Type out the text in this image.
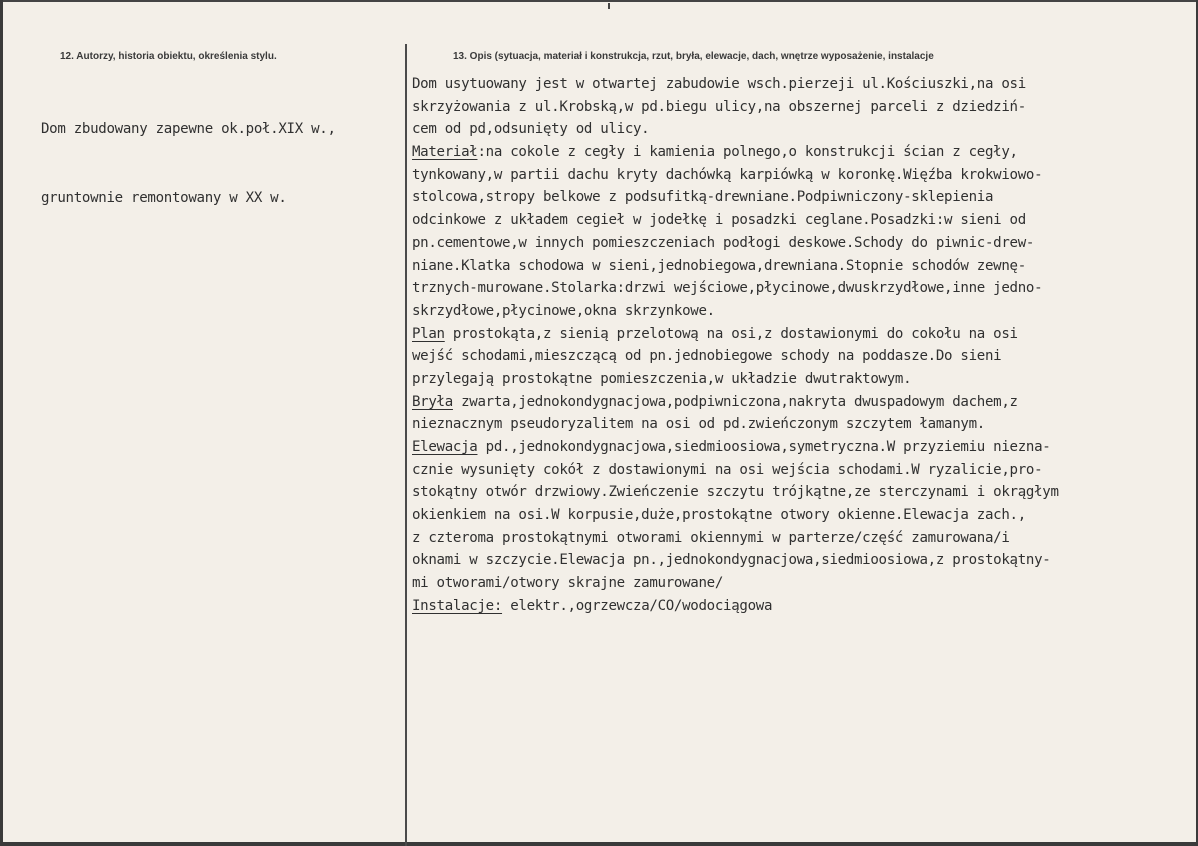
12. Autorzy, historia obiektu, określenia stylu.	13. Opis (sytuacja, materiał i konstrukcja, rzut, bryła, elewacje, dach, wnętrze wyposażenie, instalacje

Dom zbudowany zapewne ok.poł.XIX w.,

gruntownie remontowany w XX w.

Dom usytuowany jest w otwartej zabudowie wsch.pierzeji ul.Kościuszki,na osi

skrzyżowania z ul.Krobską,w pd.biegu ulicy,na obszernej parceli z dziedziń-

cem od pd,odsunięty od ulicy.

Materiał:na cokole z cegły i kamienia polnego,o konstrukcji ścian z cegły,

tynkowany,w partii dachu kryty dachówką karpiówką w koronkę.Więźba krokwiowo-

stolcowa,stropy belkowe z podsufitką-drewniane.Podpiwniczony-sklepienia

odcinkowe z układem cegieł w jodełkę i posadzki ceglane.Posadzki:w sieni od

pn.cementowe,w innych pomieszczeniach podłogi deskowe.Schody do piwnic-drew-

niane.Klatka schodowa w sieni,jednobiegowa,drewniana.Stopnie schodów zewnę-

trznych-murowane.Stolarka:drzwi wejściowe,płycinowe,dwuskrzydłowe,inne jedno-

skrzydłowe,płycinowe,okna skrzynkowe.

Plan prostokąta,z sienią przelotową na osi,z dostawionymi do cokołu na osi

wejść schodami,mieszczącą od pn.jednobiegowe schody na poddasze.Do sieni

przylegają prostokątne pomieszczenia,w układzie dwutraktowym.

Bryła zwarta,jednokondygnacjowa,podpiwniczona,nakryta dwuspadowym dachem,z

nieznacznym pseudoryzalitem na osi od pd.zwieńczonym szczytem łamanym.

Elewacja pd.,jednokondygnacjowa,siedmioosiowa,symetryczna.W przyziemiu niezna-

cznie wysunięty cokół z dostawionymi na osi wejścia schodami.W ryzalicie,pro-

stokątny otwór drzwiowy.Zwieńczenie szczytu trójkątne,ze sterczynami i okrągłym

okienkiem na osi.W korpusie,duże,prostokątne otwory okienne.Elewacja zach.,

z czteroma prostokątnymi otworami okiennymi w parterze/część zamurowana/i

oknami w szczycie.Elewacja pn.,jednokondygnacjowa,siedmioosiowa,z prostokątny-

mi otworami/otwory skrajne zamurowane/

Instalacje: elektr.,ogrzewcza/CO/wodociągowa
